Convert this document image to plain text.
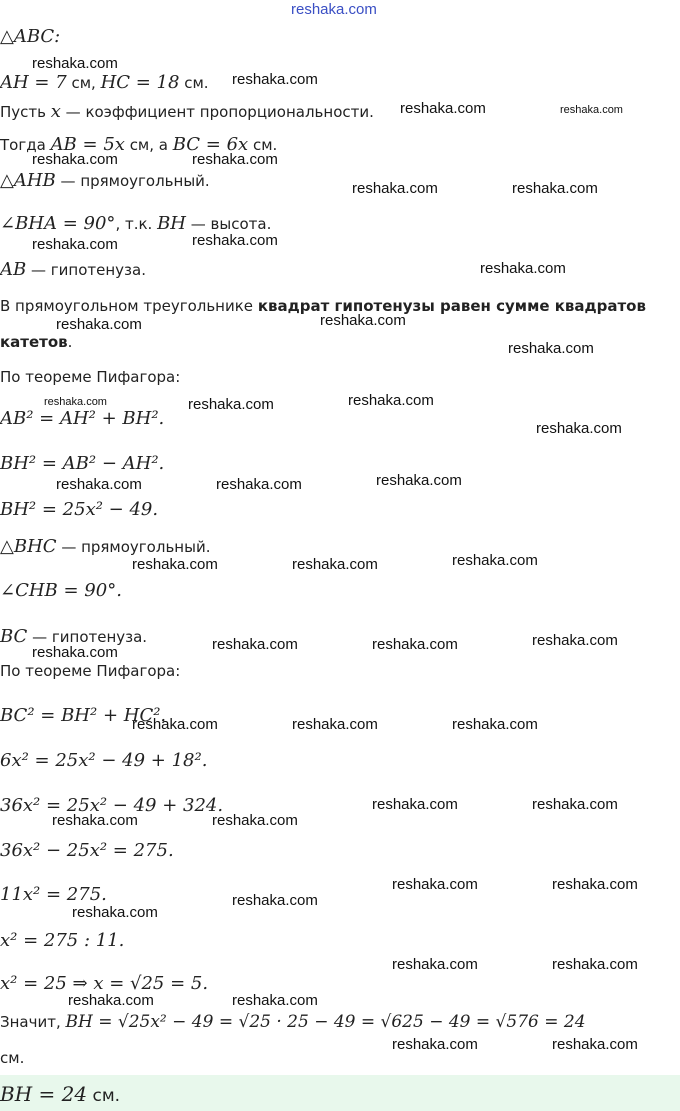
reshaka.com
△ABC:
AH = 7 см, HC = 18 см.
Пусть x — коэффициент пропорциональности.
Тогда AB = 5x см, а BC = 6x см.
△AHB — прямоугольный.
∠BHA = 90°, т.к. BH — высота.
AB — гипотенуза.
В прямоугольном треугольнике квадрат гипотенузы равен сумме квадратов
катетов.
По теореме Пифагора:
AB² = AH² + BH².
BH² = AB² − AH².
BH² = 25x² − 49.
△BHC — прямоугольный.
∠CHB = 90°.
BC — гипотенуза.
По теореме Пифагора:
BC² = BH² + HC².
6x² = 25x² − 49 + 18².
36x² = 25x² − 49 + 324.
36x² − 25x² = 275.
11x² = 275.
x² = 275 : 11.
x² = 25 ⇒ x = √25 = 5.
Значит, BH = √25x² − 49 = √25 · 25 − 49 = √625 − 49 = √576 = 24
см.
BH = 24 см.
reshaka.com
reshaka.com
reshaka.com	reshaka.com
reshaka.com	reshaka.com
reshaka.com	reshaka.com
reshaka.com	reshaka.com
reshaka.com
reshaka.com	reshaka.com
reshaka.com
reshaka.com	reshaka.com	reshaka.com
reshaka.com
reshaka.com	reshaka.com	reshaka.com
reshaka.com	reshaka.com	reshaka.com
reshaka.com	reshaka.com	reshaka.com
reshaka.com
reshaka.com	reshaka.com	reshaka.com
reshaka.com	reshaka.com
reshaka.com	reshaka.com
reshaka.com	reshaka.com
reshaka.com
reshaka.com
reshaka.com	reshaka.com
reshaka.com	reshaka.com
reshaka.com	reshaka.com
